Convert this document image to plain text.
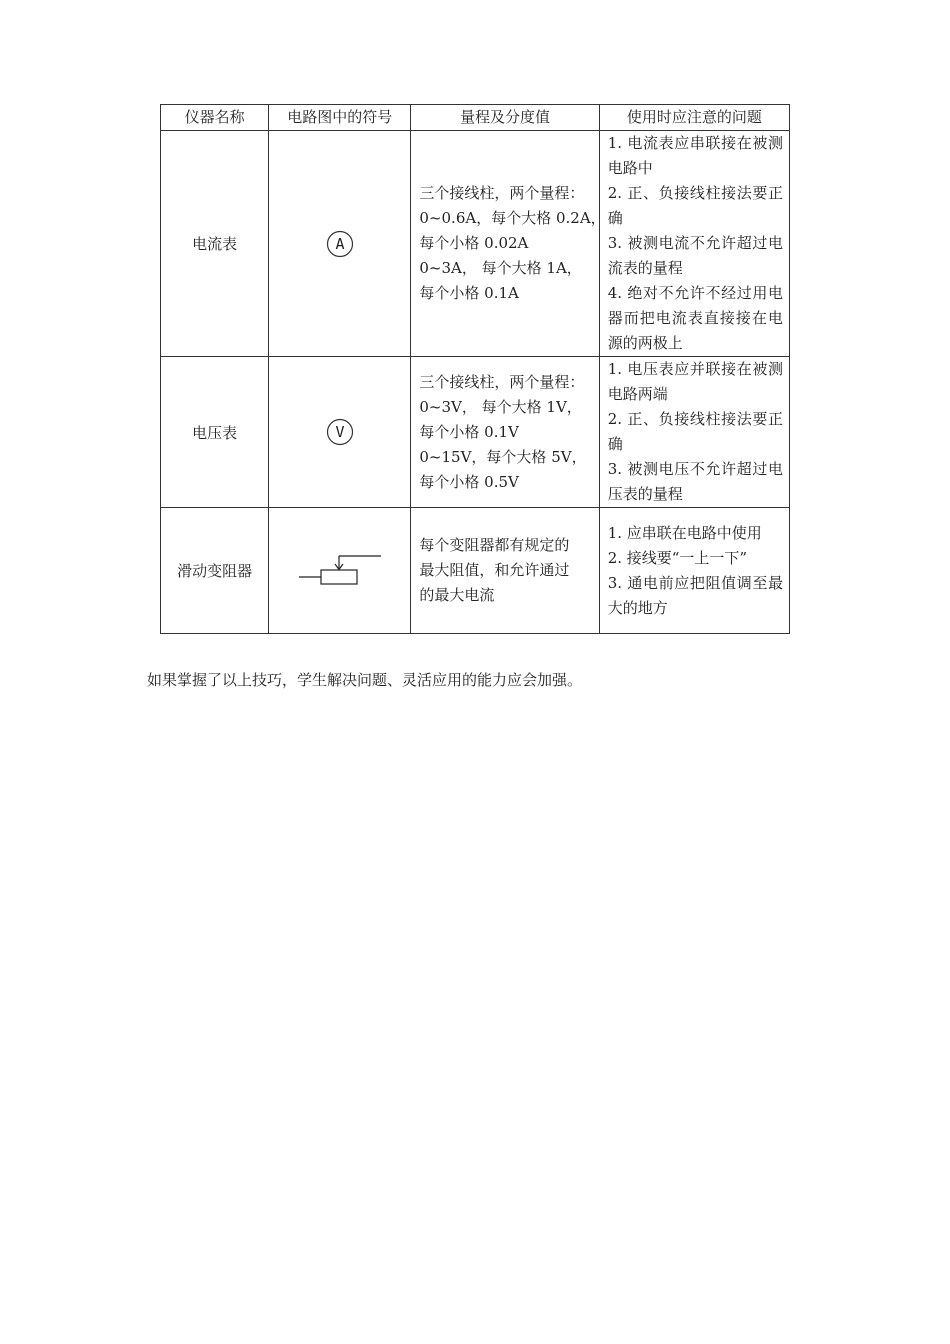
仪器名称	电路图中的符号	量程及分度值	使用时应注意的问题
电流表	A	三个接线柱，两个量程：
0~0.6A，每个大格 0.2A，
每个小格 0.02A
0~3A， 每个大格 1A，
每个小格 0.1A	1. 电流表应串联接在被测电路中
2. 正、负接线柱接法要正确
3. 被测电流不允许超过电流表的量程
4. 绝对不允许不经过用电器而把电流表直接接在电源的两极上

电压表	V	三个接线柱，两个量程：
0~3V， 每个大格 1V，
每个小格 0.1V
0~15V，每个大格 5V，
每个小格 0.5V	1. 电压表应并联接在被测电路两端
2. 正、负接线柱接法要正确
3. 被测电压不允许超过电压表的量程

滑动变阻器		每个变阻器都有规定的
最大阻值，和允许通过
的最大电流	1. 应串联在电路中使用
2. 接线要“一上一下”
3. 通电前应把阻值调至最大的地方

如果掌握了以上技巧，学生解决问题、灵活应用的能力应会加强。
